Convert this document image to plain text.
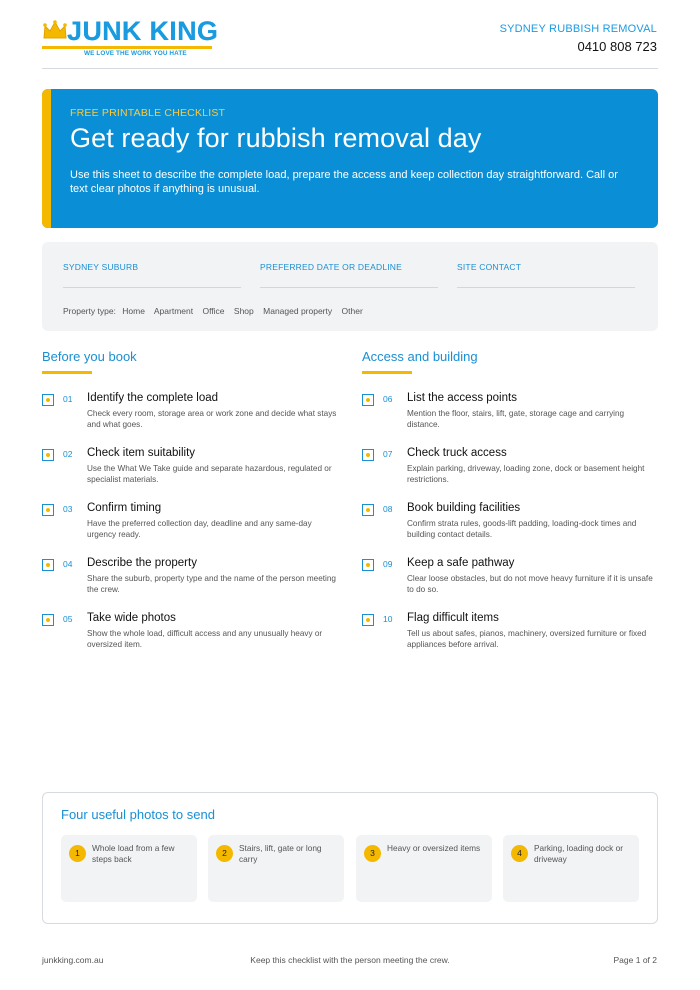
JUNK KING
WE LOVE THE WORK YOU HATE
SYDNEY RUBBISH REMOVAL
0410 808 723
FREE PRINTABLE CHECKLIST
Get ready for rubbish removal day
Use this sheet to describe the complete load, prepare the access and keep collection day straightforward. Call or text clear photos if anything is unusual.
SYDNEY SUBURB	PREFERRED DATE OR DEADLINE	SITE CONTACT
Property type: Home Apartment Office Shop Managed property Other
Before you book
01 Identify the complete load
Check every room, storage area or work zone and decide what stays and what goes.
02 Check item suitability
Use the What We Take guide and separate hazardous, regulated or specialist materials.
03 Confirm timing
Have the preferred collection day, deadline and any same-day urgency ready.
04 Describe the property
Share the suburb, property type and the name of the person meeting the crew.
05 Take wide photos
Show the whole load, difficult access and any unusually heavy or oversized item.
Access and building
06 List the access points
Mention the floor, stairs, lift, gate, storage cage and carrying distance.
07 Check truck access
Explain parking, driveway, loading zone, dock or basement height restrictions.
08 Book building facilities
Confirm strata rules, goods-lift padding, loading-dock times and building contact details.
09 Keep a safe pathway
Clear loose obstacles, but do not move heavy furniture if it is unsafe to do so.
10 Flag difficult items
Tell us about safes, pianos, machinery, oversized furniture or fixed appliances before arrival.
Four useful photos to send
1	Whole load from a few steps back
2	Stairs, lift, gate or long carry
3	Heavy or oversized items	4	Parking, loading dock or driveway
junkking.com.au	Keep this checklist with the person meeting the crew.	Page 1 of 2
